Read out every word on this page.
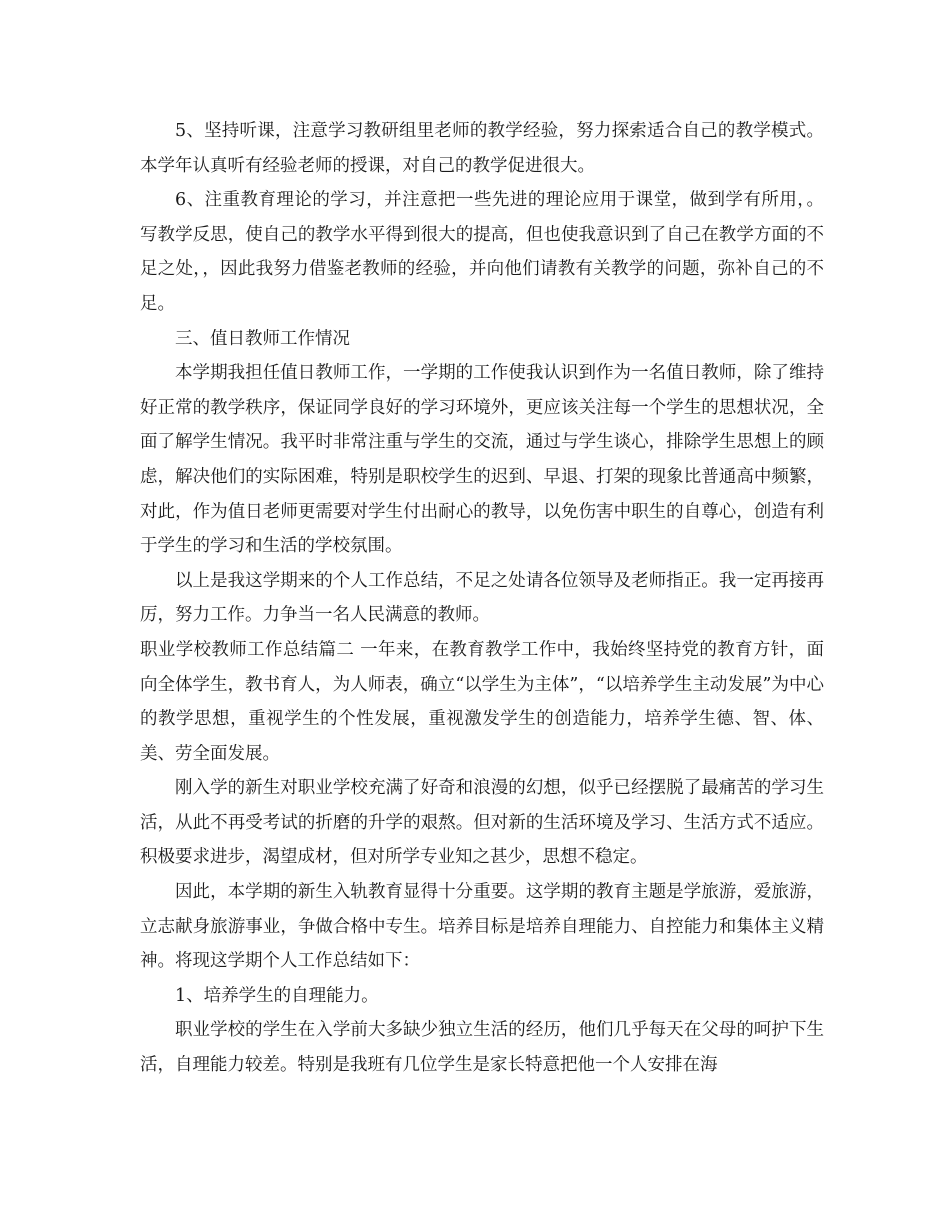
5、坚持听课，注意学习教研组里老师的教学经验，努力探索适合自己的教学模式。本学年认真听有经验老师的授课，对自己的教学促进很大。

6、注重教育理论的学习，并注意把一些先进的理论应用于课堂，做到学有所用，。写教学反思，使自己的教学水平得到很大的提高，但也使我意识到了自己在教学方面的不足之处，，因此我努力借鉴老教师的经验，并向他们请教有关教学的问题，弥补自己的不足。

三、值日教师工作情况

本学期我担任值日教师工作，一学期的工作使我认识到作为一名值日教师，除了维持好正常的教学秩序，保证同学良好的学习环境外，更应该关注每一个学生的思想状况，全面了解学生情况。我平时非常注重与学生的交流，通过与学生谈心，排除学生思想上的顾虑，解决他们的实际困难，特别是职校学生的迟到、早退、打架的现象比普通高中频繁，对此，作为值日老师更需要对学生付出耐心的教导，以免伤害中职生的自尊心，创造有利于学生的学习和生活的学校氛围。

以上是我这学期来的个人工作总结，不足之处请各位领导及老师指正。我一定再接再厉，努力工作。力争当一名人民满意的教师。

职业学校教师工作总结篇二 一年来，在教育教学工作中，我始终坚持党的教育方针，面向全体学生，教书育人，为人师表，确立“以学生为主体”，“以培养学生主动发展”为中心的教学思想，重视学生的个性发展，重视激发学生的创造能力，培养学生德、智、体、美、劳全面发展。

刚入学的新生对职业学校充满了好奇和浪漫的幻想，似乎已经摆脱了最痛苦的学习生活，从此不再受考试的折磨的升学的艰熬。但对新的生活环境及学习、生活方式不适应。积极要求进步，渴望成材，但对所学专业知之甚少，思想不稳定。

因此，本学期的新生入轨教育显得十分重要。这学期的教育主题是学旅游，爱旅游，立志献身旅游事业，争做合格中专生。培养目标是培养自理能力、自控能力和集体主义精神。将现这学期个人工作总结如下：

1、培养学生的自理能力。

职业学校的学生在入学前大多缺少独立生活的经历，他们几乎每天在父母的呵护下生活，自理能力较差。特别是我班有几位学生是家长特意把他一个人安排在海
